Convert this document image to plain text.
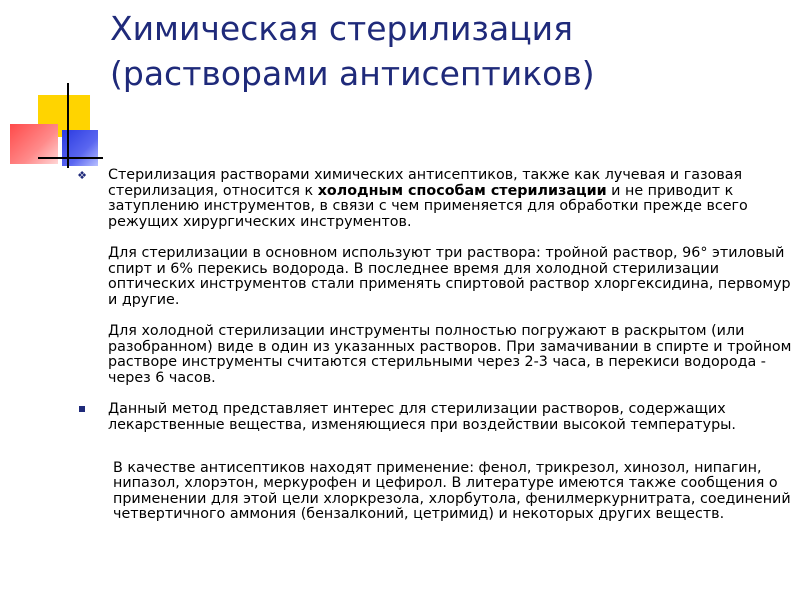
Химическая стерилизация
(растворами антисептиков)
❖ Стерилизация растворами химических антисептиков, также как лучевая и газовая стерилизация, относится к холодным способам стерилизации и не приводит к затуплению инструментов, в связи с чем применяется для обработки прежде всего режущих хирургических инструментов.

Для стерилизации в основном используют три раствора: тройной раствор, 96° этиловый спирт и 6% перекись водорода. В последнее время для холодной стерилизации оптических инструментов стали применять спиртовой раствор хлоргексидина, первомур и другие.

Для холодной стерилизации инструменты полностью погружают в раскрытом (или разобранном) виде в один из указанных растворов. При замачивании в спирте и тройном растворе инструменты считаются стерильными через 2-3 часа, в перекиси водорода - через 6 часов.

Данный метод представляет интерес для стерилизации растворов, содержащих лекарственные вещества, изменяющиеся при воздействии высокой температуры.

В качестве антисептиков находят применение: фенол, трикрезол, хинозол, нипагин, нипазол, хлорэтон, меркурофен и цефирол. В литературе имеются также сообщения о применении для этой цели хлоркрезола, хлорбутола, фенилмеркурнитрата, соединений четвертичного аммония (бензалконий, цетримид) и некоторых других веществ.
